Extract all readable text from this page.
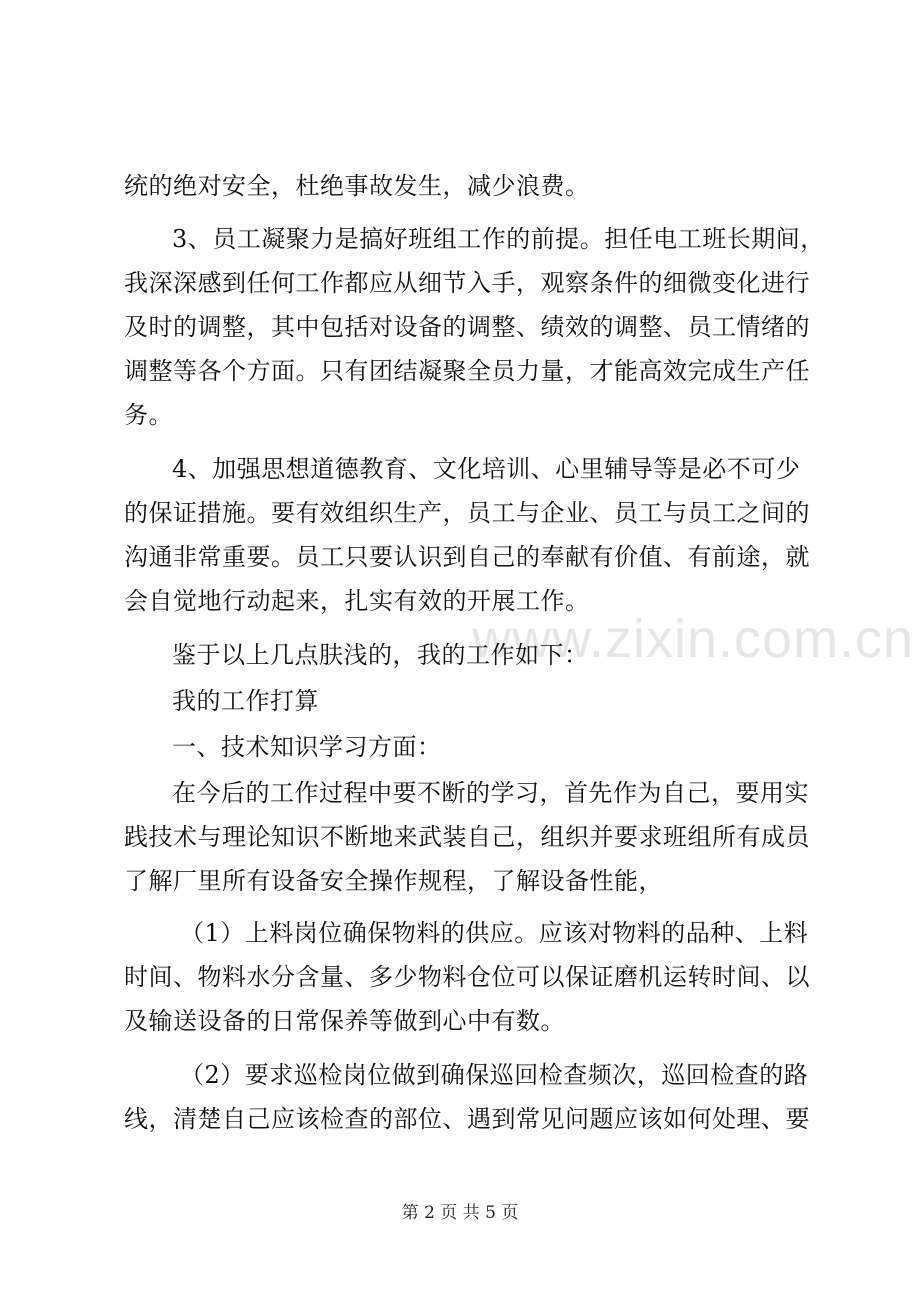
www.zixin.com.cn
统的绝对安全，杜绝事故发生，减少浪费。
3、员工凝聚力是搞好班组工作的前提。担任电工班长期间，
我深深感到任何工作都应从细节入手，观察条件的细微变化进行
及时的调整，其中包括对设备的调整、绩效的调整、员工情绪的
调整等各个方面。只有团结凝聚全员力量，才能高效完成生产任
务。
4、加强思想道德教育、文化培训、心里辅导等是必不可少
的保证措施。要有效组织生产，员工与企业、员工与员工之间的
沟通非常重要。员工只要认识到自己的奉献有价值、有前途，就
会自觉地行动起来，扎实有效的开展工作。
鉴于以上几点肤浅的，我的工作如下：
我的工作打算
一、技术知识学习方面：
在今后的工作过程中要不断的学习，首先作为自己，要用实
践技术与理论知识不断地来武装自己，组织并要求班组所有成员
了解厂里所有设备安全操作规程，了解设备性能，
（1）上料岗位确保物料的供应。应该对物料的品种、上料
时间、物料水分含量、多少物料仓位可以保证磨机运转时间、以
及输送设备的日常保养等做到心中有数。
（2）要求巡检岗位做到确保巡回检查频次，巡回检查的路
线，清楚自己应该检查的部位、遇到常见问题应该如何处理、要
第 2 页 共 5 页
